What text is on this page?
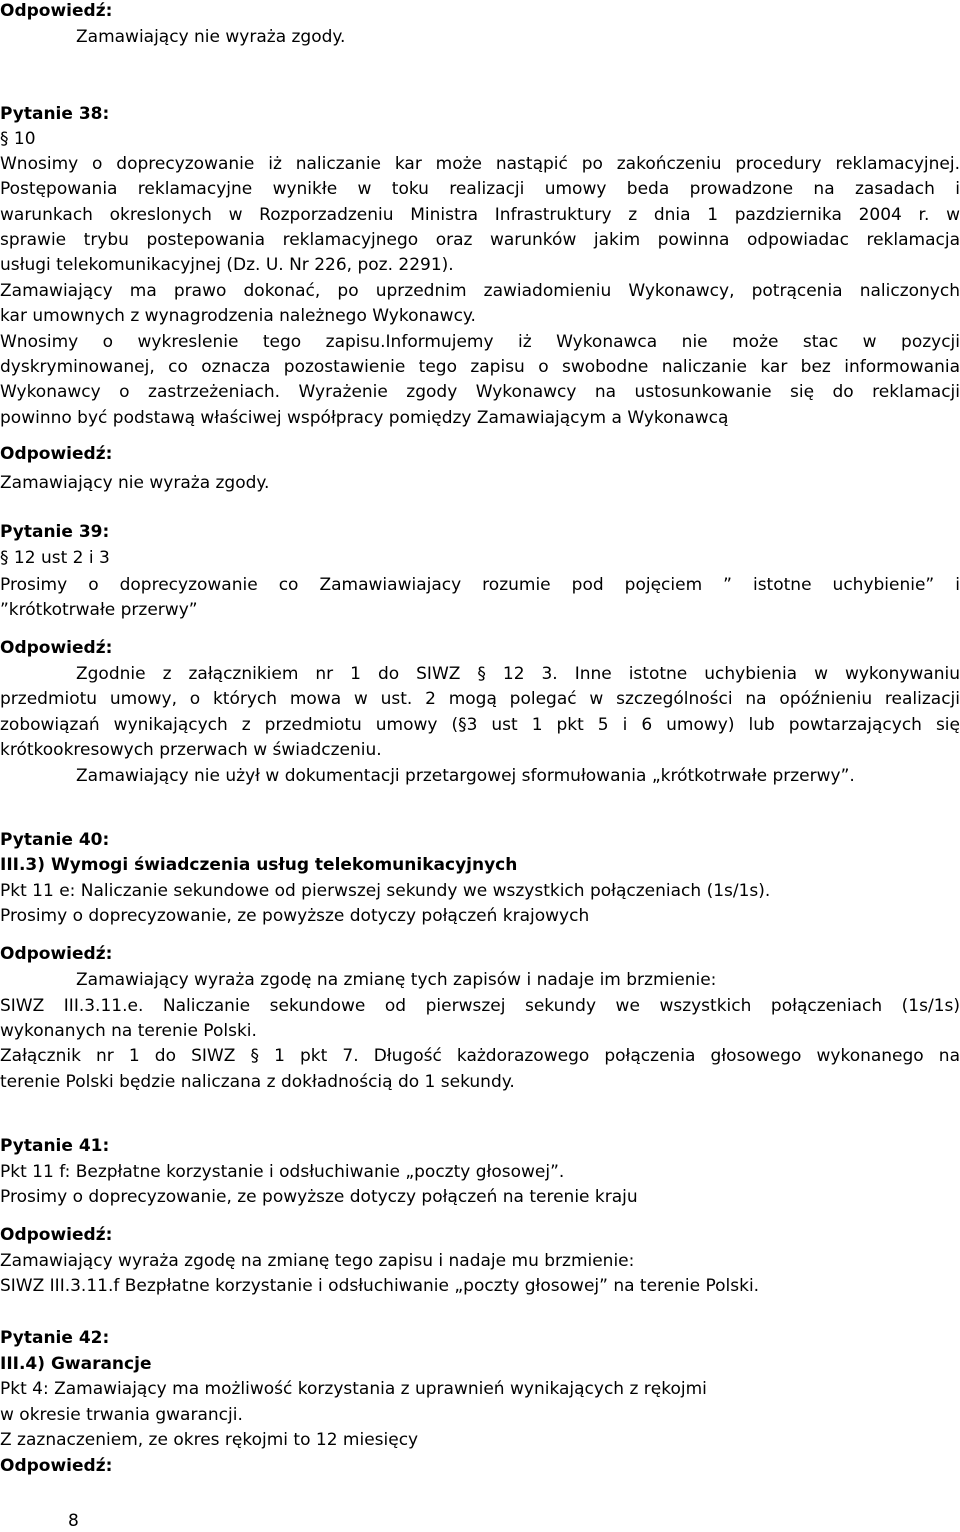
Odpowiedź:

Zamawiający nie wyraża zgody.

Pytanie 38:

§ 10

Wnosimy o doprecyzowanie iż naliczanie kar może nastąpić po zakończeniu procedury reklamacyjnej.

Postępowania reklamacyjne wynikłe w toku realizacji umowy beda prowadzone na zasadach i

warunkach okreslonych w Rozporzadzeniu Ministra Infrastruktury z dnia 1 pazdziernika 2004 r. w

sprawie trybu postepowania reklamacyjnego oraz warunków jakim powinna odpowiadac reklamacja

usługi telekomunikacyjnej (Dz. U. Nr 226, poz. 2291).

Zamawiający ma prawo dokonać, po uprzednim zawiadomieniu Wykonawcy, potrącenia naliczonych

kar umownych z wynagrodzenia należnego Wykonawcy.

Wnosimy o wykreslenie tego zapisu.Informujemy iż Wykonawca nie może stac w pozycji

dyskryminowanej, co oznacza pozostawienie tego zapisu o swobodne naliczanie kar bez informowania

Wykonawcy o zastrzeżeniach. Wyrażenie zgody Wykonawcy na ustosunkowanie się do reklamacji

powinno być podstawą właściwej współpracy pomiędzy Zamawiającym a Wykonawcą

Odpowiedź:

Zamawiający nie wyraża zgody.

Pytanie 39:

§ 12 ust 2 i 3

Prosimy o doprecyzowanie co Zamawiawiajacy rozumie pod pojęciem ” istotne uchybienie” i

”krótkotrwałe przerwy”

Odpowiedź:

Zgodnie z załącznikiem nr 1 do SIWZ § 12 3. Inne istotne uchybienia w wykonywaniu

przedmiotu umowy, o których mowa w ust. 2 mogą polegać w szczególności na opóźnieniu realizacji

zobowiązań wynikających z przedmiotu umowy (§3 ust 1 pkt 5 i 6 umowy) lub powtarzających się

krótkookresowych przerwach w świadczeniu.

Zamawiający nie użył w dokumentacji przetargowej sformułowania „krótkotrwałe przerwy”.

Pytanie 40:

III.3) Wymogi świadczenia usług telekomunikacyjnych

Pkt 11 e: Naliczanie sekundowe od pierwszej sekundy we wszystkich połączeniach (1s/1s).

Prosimy o doprecyzowanie, ze powyższe dotyczy połączeń krajowych

Odpowiedź:

Zamawiający wyraża zgodę na zmianę tych zapisów i nadaje im brzmienie:

SIWZ III.3.11.e. Naliczanie sekundowe od pierwszej sekundy we wszystkich połączeniach (1s/1s)

wykonanych na terenie Polski.

Załącznik nr 1 do SIWZ § 1 pkt 7. Długość każdorazowego połączenia głosowego wykonanego na

terenie Polski będzie naliczana z dokładnością do 1 sekundy.

Pytanie 41:

Pkt 11 f: Bezpłatne korzystanie i odsłuchiwanie „poczty głosowej”.

Prosimy o doprecyzowanie, ze powyższe dotyczy połączeń na terenie kraju

Odpowiedź:

Zamawiający wyraża zgodę na zmianę tego zapisu i nadaje mu brzmienie:

SIWZ III.3.11.f Bezpłatne korzystanie i odsłuchiwanie „poczty głosowej” na terenie Polski.

Pytanie 42:

III.4) Gwarancje

Pkt 4: Zamawiający ma możliwość korzystania z uprawnień wynikających z rękojmi

w okresie trwania gwarancji.

Z zaznaczeniem, ze okres rękojmi to 12 miesięcy

Odpowiedź:

8
